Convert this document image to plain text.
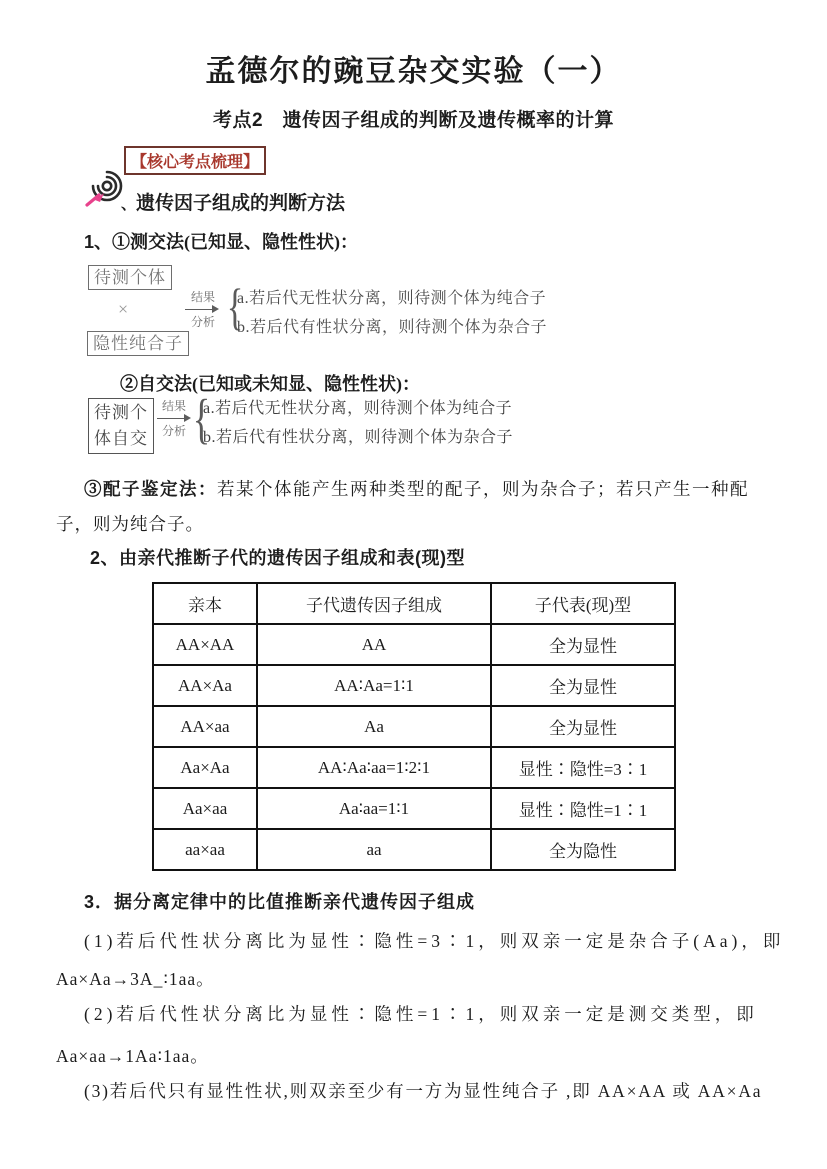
孟德尔的豌豆杂交实验（一）
考点2　遗传因子组成的判断及遗传概率的计算
【核心考点梳理】
、遗传因子组成的判断方法
1、①测交法(已知显、隐性性状)：
待测个体
×
隐性纯合子
结果
分析 {
a.若后代无性状分离，则待测个体为纯合子
b.若后代有性状分离，则待测个体为杂合子
②自交法(已知或未知显、隐性性状)：
待测个
体自交
结果
分析 {
a.若后代无性状分离，则待测个体为纯合子
b.若后代有性状分离，则待测个体为杂合子
③配子鉴定法：若某个体能产生两种类型的配子，则为杂合子；若只产生一种配
子，则为纯合子。
2、由亲代推断子代的遗传因子组成和表(现)型
亲本	子代遗传因子组成	子代表(现)型
AA×AA	AA	全为显性
AA×Aa	AA∶Aa=1∶1	全为显性
AA×aa	Aa	全为显性
Aa×Aa	AA∶Aa∶aa=1∶2∶1	显性∶隐性=3∶1
Aa×aa	Aa∶aa=1∶1	显性∶隐性=1∶1
aa×aa	aa	全为隐性
3．据分离定律中的比值推断亲代遗传因子组成
(1)若后代性状分离比为显性∶隐性=3∶1，则双亲一定是杂合子(Aa)，即
Aa×Aa→3A_∶1aa。
(2)若后代性状分离比为显性∶隐性=1∶1，则双亲一定是测交类型，即
Aa×aa→1Aa∶1aa。
(3)若后代只有显性性状,则双亲至少有一方为显性纯合子 ,即 AA×AA 或 AA×Aa
